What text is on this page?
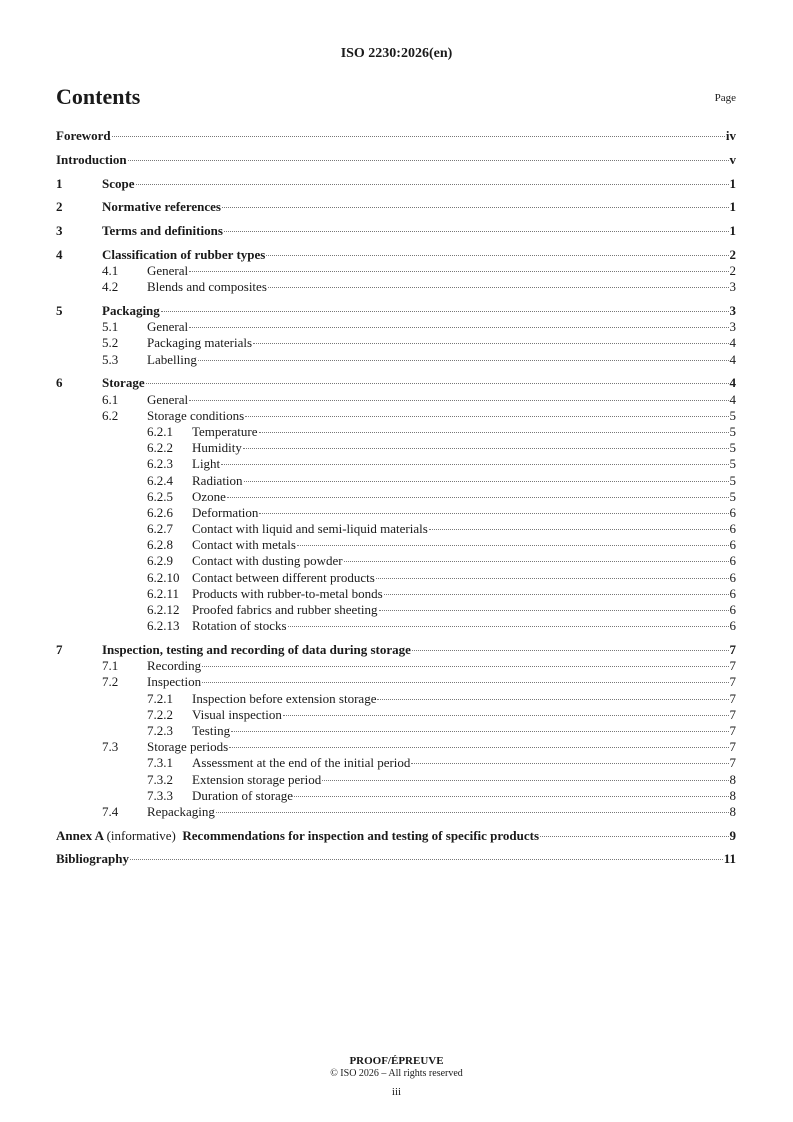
ISO 2230:2026(en)
Contents	Page
Foreword	iv
Introduction	v
1	Scope	1
2	Normative references	1
3	Terms and definitions	1
4	Classification of rubber types	2
4.1	General	2
4.2	Blends and composites	3
5	Packaging	3
5.1	General	3
5.2	Packaging materials	4
5.3	Labelling	4
6	Storage	4
6.1	General	4
6.2	Storage conditions	5
6.2.1	Temperature	5
6.2.2	Humidity	5
6.2.3	Light	5
6.2.4	Radiation	5
6.2.5	Ozone	5
6.2.6	Deformation	6
6.2.7	Contact with liquid and semi-liquid materials	6
6.2.8	Contact with metals	6
6.2.9	Contact with dusting powder	6
6.2.10 Contact between different products	6
6.2.11 Products with rubber-to-metal bonds	6
6.2.12 Proofed fabrics and rubber sheeting	6
6.2.13 Rotation of stocks	6
7	Inspection, testing and recording of data during storage	7
7.1	Recording	7
7.2	Inspection	7
7.2.1	Inspection before extension storage	7
7.2.2	Visual inspection	7
7.2.3	Testing	7
7.3	Storage periods	7
7.3.1	Assessment at the end of the initial period	7
7.3.2	Extension storage period	8
7.3.3	Duration of storage	8
7.4	Repackaging	8
Annex A (informative) Recommendations for inspection and testing of specific products	9
Bibliography	11
PROOF/ÉPREUVE
© ISO 2026 – All rights reserved
iii
